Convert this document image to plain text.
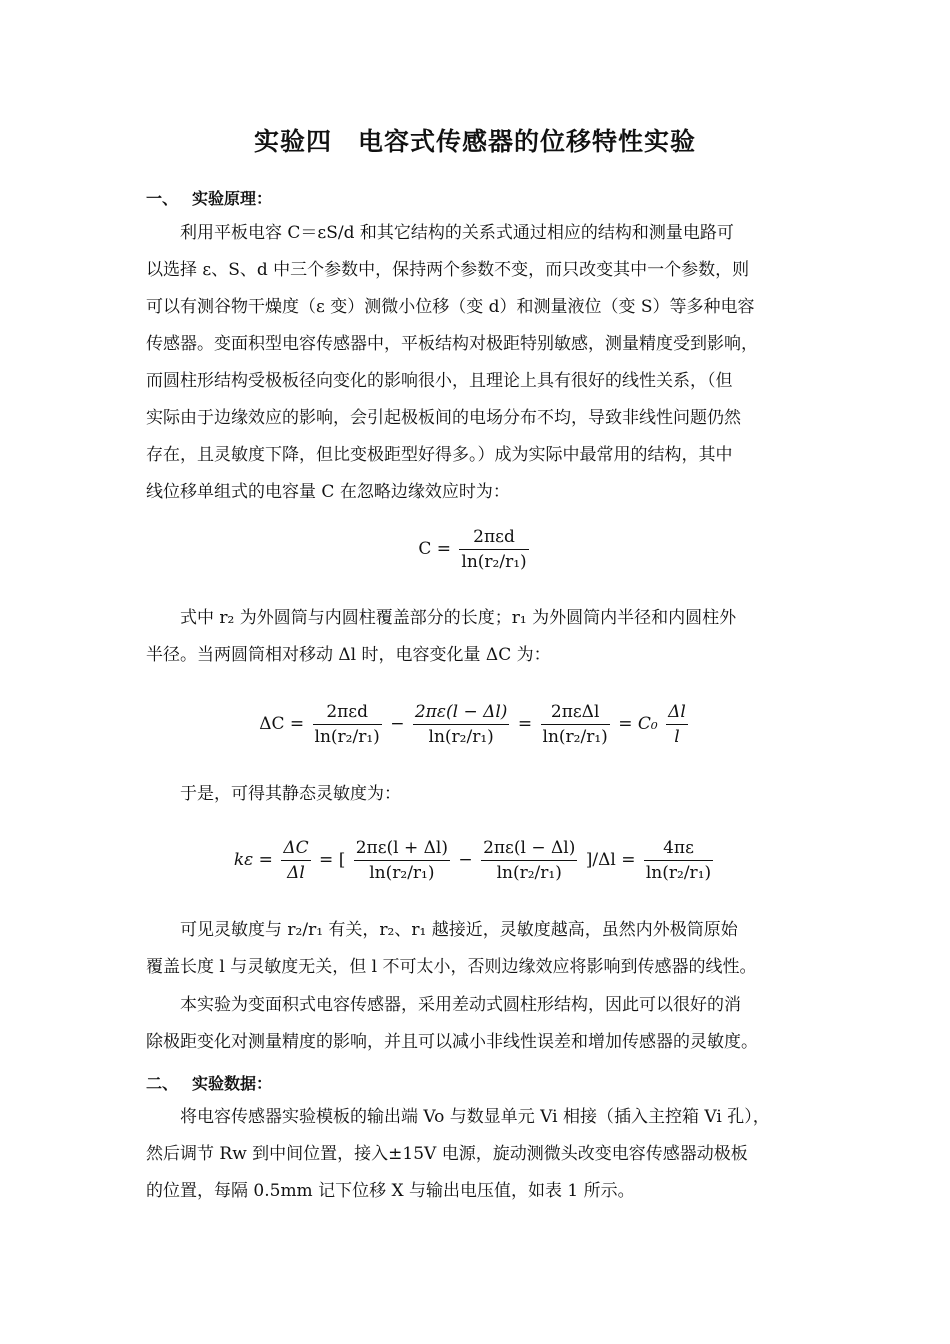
实验四　电容式传感器的位移特性实验
一、 实验原理：
利用平板电容 C＝εS/d 和其它结构的关系式通过相应的结构和测量电路可
以选择 ε、S、d 中三个参数中，保持两个参数不变，而只改变其中一个参数，则
可以有测谷物干燥度（ε 变）测微小位移（变 d）和测量液位（变 S）等多种电容
传感器。变面积型电容传感器中，平板结构对极距特别敏感，测量精度受到影响，
而圆柱形结构受极板径向变化的影响很小，且理论上具有很好的线性关系，（但
实际由于边缘效应的影响，会引起极板间的电场分布不均，导致非线性问题仍然
存在，且灵敏度下降，但比变极距型好得多。）成为实际中最常用的结构，其中
线位移单组式的电容量 C 在忽略边缘效应时为：
$C = \frac{\text{2πεd}}{\text{ln(r₂/r₁)}}$
式中 r₂ 为外圆筒与内圆柱覆盖部分的长度；r₁ 为外圆筒内半径和内圆柱外
半径。当两圆筒相对移动 Δl 时，电容变化量 ΔC 为：
$\Delta C = \frac{\text{2πεd}}{\text{ln(r₂/r₁)}} - \frac{2\pi\varepsilon(l - \Delta l)}{\text{ln(r₂/r₁)}} = \frac{\text{2πεΔl}}{\text{ln(r₂/r₁)}} = C_0 \frac{\Delta l}{l}$
于是，可得其静态灵敏度为：
$k\varepsilon = \frac{\Delta C}{\Delta l}$ = [ $\frac{2\pi\varepsilon(l + \Delta l)}{\text{ln(r₂/r₁)}} - \frac{2\pi\varepsilon(l - \Delta l)}{\text{ln(r₂/r₁)}} ]/\Delta l = \frac{4\pi\varepsilon}{\text{ln(r₂/r₁)}}$
可见灵敏度与 r₂/r₁ 有关，r₂、r₁ 越接近，灵敏度越高，虽然内外极筒原始
覆盖长度 l 与灵敏度无关，但 l 不可太小，否则边缘效应将影响到传感器的线性。
本实验为变面积式电容传感器，采用差动式圆柱形结构，因此可以很好的消
除极距变化对测量精度的影响，并且可以减小非线性误差和增加传感器的灵敏度。
二、 实验数据：
将电容传感器实验模板的输出端 Vo 与数显单元 Vi 相接（插入主控箱 Vi 孔），
然后调节 Rw 到中间位置，接入±15V 电源，旋动测微头改变电容传感器动极板
的位置，每隔 0.5mm 记下位移 X 与输出电压值，如表 1 所示。
